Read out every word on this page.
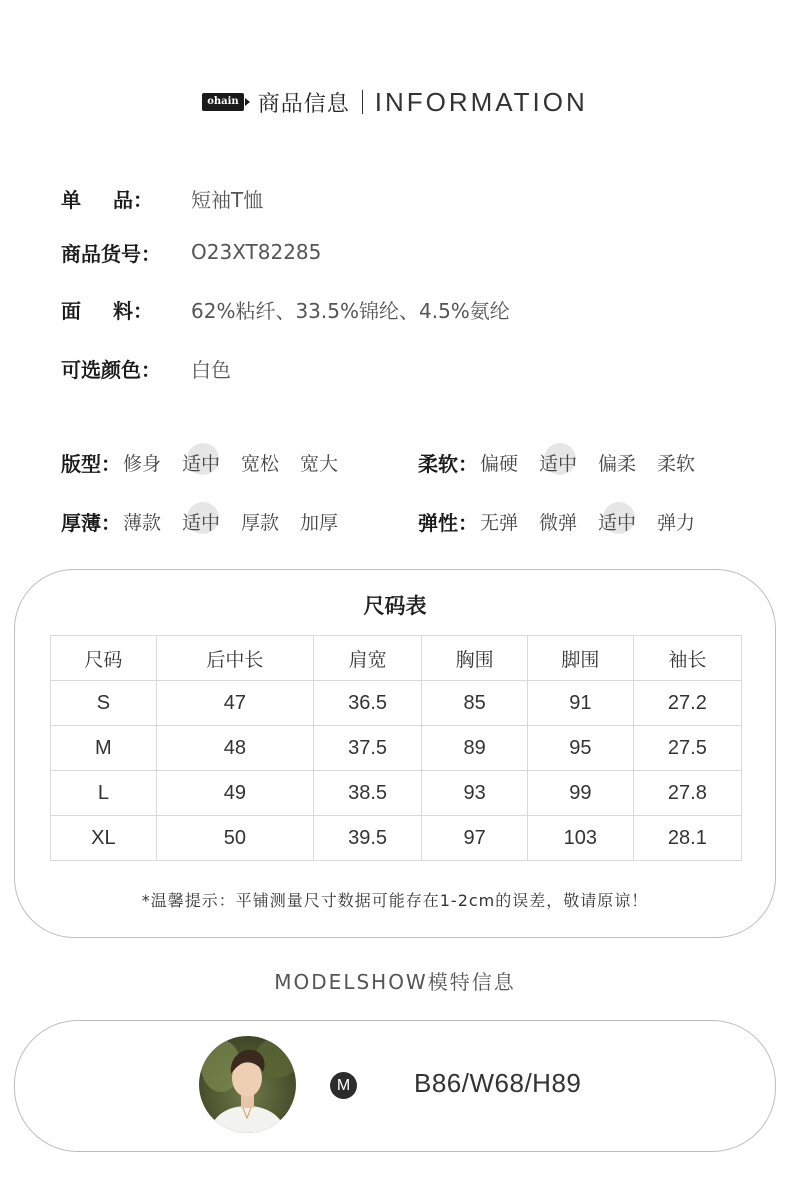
ohain 商品信息 INFORMATION
单 品： 短袖T恤
商品货号：	O23XT82285
面 料： 62%粘纤、33.5%锦纶、4.5%氨纶
可选颜色：	白色
版型： 修身	适中	宽松	宽大	柔软： 偏硬	适中	偏柔	柔软
厚薄： 薄款	适中	厚款	加厚	弹性： 无弹	微弹	适中	弹力
尺码表
尺码	后中长	肩宽	胸围	脚围	袖长
S	47	36.5	85	91	27.2
M	48	37.5	89	95	27.5
L	49	38.5	93	99	27.8
XL	50	39.5	97	103	28.1
*温馨提示：平铺测量尺寸数据可能存在1-2cm的误差，敬请原谅！
MODELSHOW模特信息
M B86/W68/H89
